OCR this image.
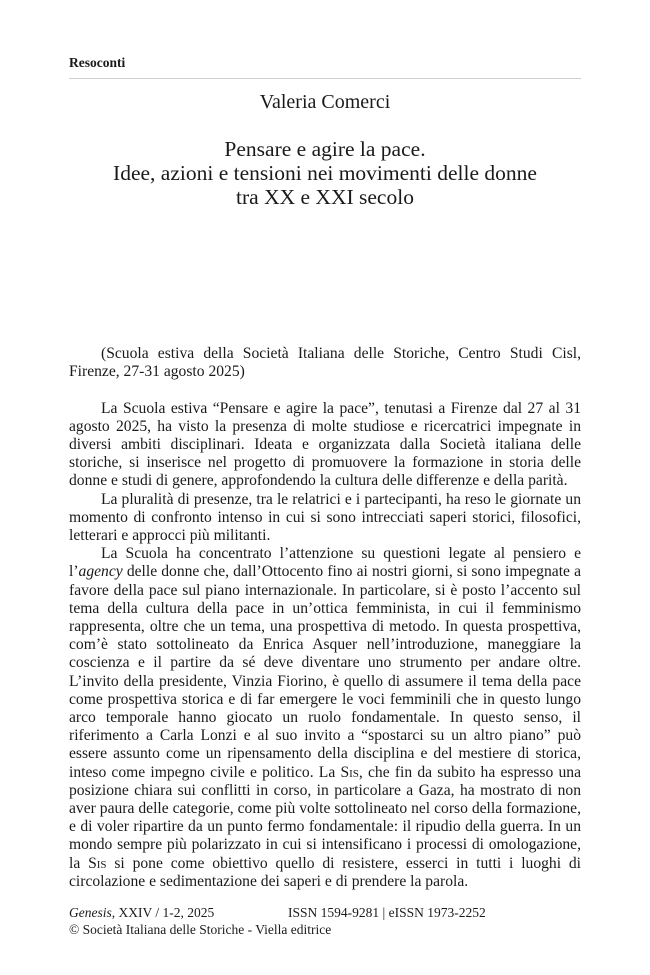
Resoconti
Valeria Comerci
Pensare e agire la pace.
Idee, azioni e tensioni nei movimenti delle donne
tra XX e XXI secolo

(Scuola estiva della Società Italiana delle Storiche, Centro Studi Cisl, Firenze, 27-31 agosto 2025)

La Scuola estiva “Pensare e agire la pace”, tenutasi a Firenze dal 27 al 31 agosto 2025, ha visto la presenza di molte studiose e ricercatrici impegnate in diversi ambiti disciplinari. Ideata e organizzata dalla Società italiana delle storiche, si inserisce nel progetto di promuovere la formazione in storia delle donne e studi di genere, approfondendo la cultura delle differenze e della parità.

La pluralità di presenze, tra le relatrici e i partecipanti, ha reso le giornate un momento di confronto intenso in cui si sono intrecciati saperi storici, filosofici, letterari e approcci più militanti.

La Scuola ha concentrato l’attenzione su questioni legate al pensiero e l’agency delle donne che, dall’Ottocento fino ai nostri giorni, si sono impegnate a favore della pace sul piano internazionale. In particolare, si è posto l’accento sul tema della cultura della pace in un’ottica femminista, in cui il femminismo rappresenta, oltre che un tema, una prospettiva di metodo. In questa prospettiva, com’è stato sottolineato da Enrica Asquer nell’introduzione, maneggiare la coscienza e il partire da sé deve diventare uno strumento per andare oltre. L’invito della presidente, Vinzia Fiorino, è quello di assumere il tema della pace come prospettiva storica e di far emergere le voci femminili che in questo lungo arco temporale hanno giocato un ruolo fondamentale. In questo senso, il riferimento a Carla Lonzi e al suo invito a “spostarci su un altro piano” può essere assunto come un ripensamento della disciplina e del mestiere di storica, inteso come impegno civile e politico. La Sis, che fin da subito ha espresso una posizione chiara sui conflitti in corso, in particolare a Gaza, ha mostrato di non aver paura delle categorie, come più volte sottolineato nel corso della formazione, e di voler ripartire da un punto fermo fondamentale: il ripudio della guerra. In un mondo sempre più polarizzato in cui si intensificano i processi di omologazione, la Sis si pone come obiettivo quello di resistere, esserci in tutti i luoghi di circolazione e sedimentazione dei saperi e di prendere la parola.

Genesis, XXIV / 1-2, 2025	ISSN 1594-9281 | eISSN 1973-2252
© Società Italiana delle Storiche - Viella editrice
